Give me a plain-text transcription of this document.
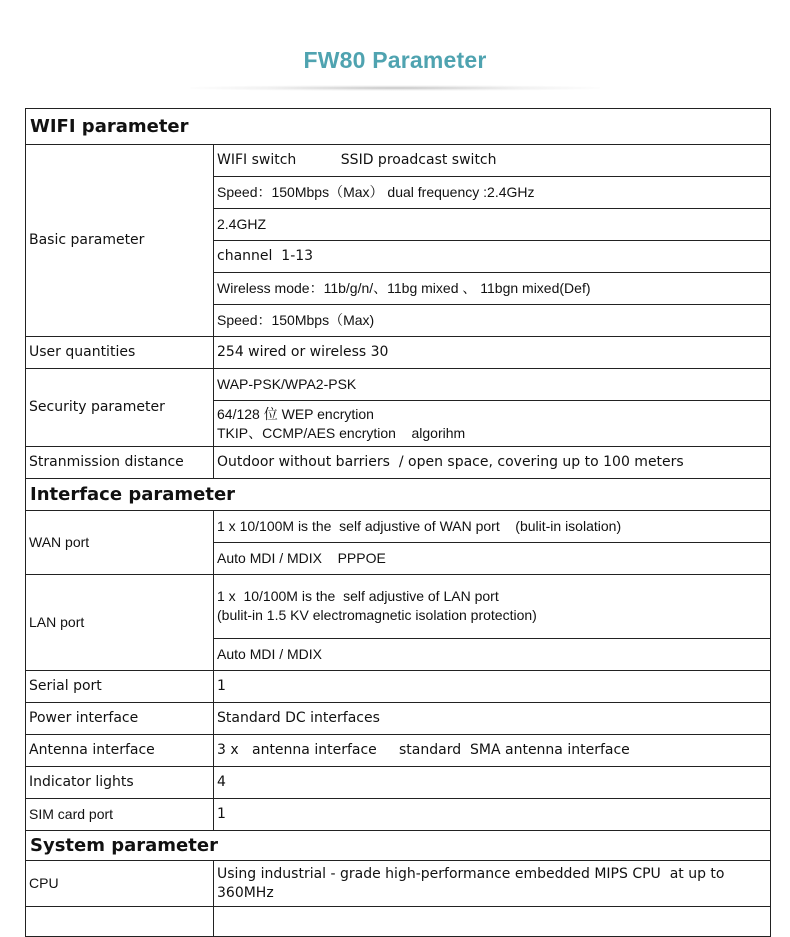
FW80 Parameter
WIFI parameter	
Basic parameter	WIFI switch          SSID proadcast switch
	Speed：150Mbps（Max） dual frequency :2.4GHz
	2.4GHZ
	channel  1-13
	Wireless mode：11b/g/n/、11bg mixed 、 11bgn mixed(Def)
	Speed：150Mbps（Max)
User quantities	254 wired or wireless 30
Security parameter	WAP-PSK/WPA2-PSK

	64/128 位 WEP encrytion
TKIP、CCMP/AES encrytion    algorihm

Stranmission distance	Outdoor without barriers  / open space, covering up to 100 meters
Interface parameter	
WAN port	1 x 10/100M is the  self adjustive of WAN port    (bulit-in isolation)
	Auto MDI / MDIX    PPPOE
LAN port	1 x  10/100M is the  self adjustive of LAN port
(bulit-in 1.5 KV electromagnetic isolation protection)

	Auto MDI / MDIX
Serial port	1
Power interface	Standard DC interfaces
Antenna interface	3 x   antenna interface     standard  SMA antenna interface
Indicator lights	4
SIM card port	1
System parameter	
CPU	Using industrial - grade high-performance embedded MIPS CPU  at up to
360MHz
